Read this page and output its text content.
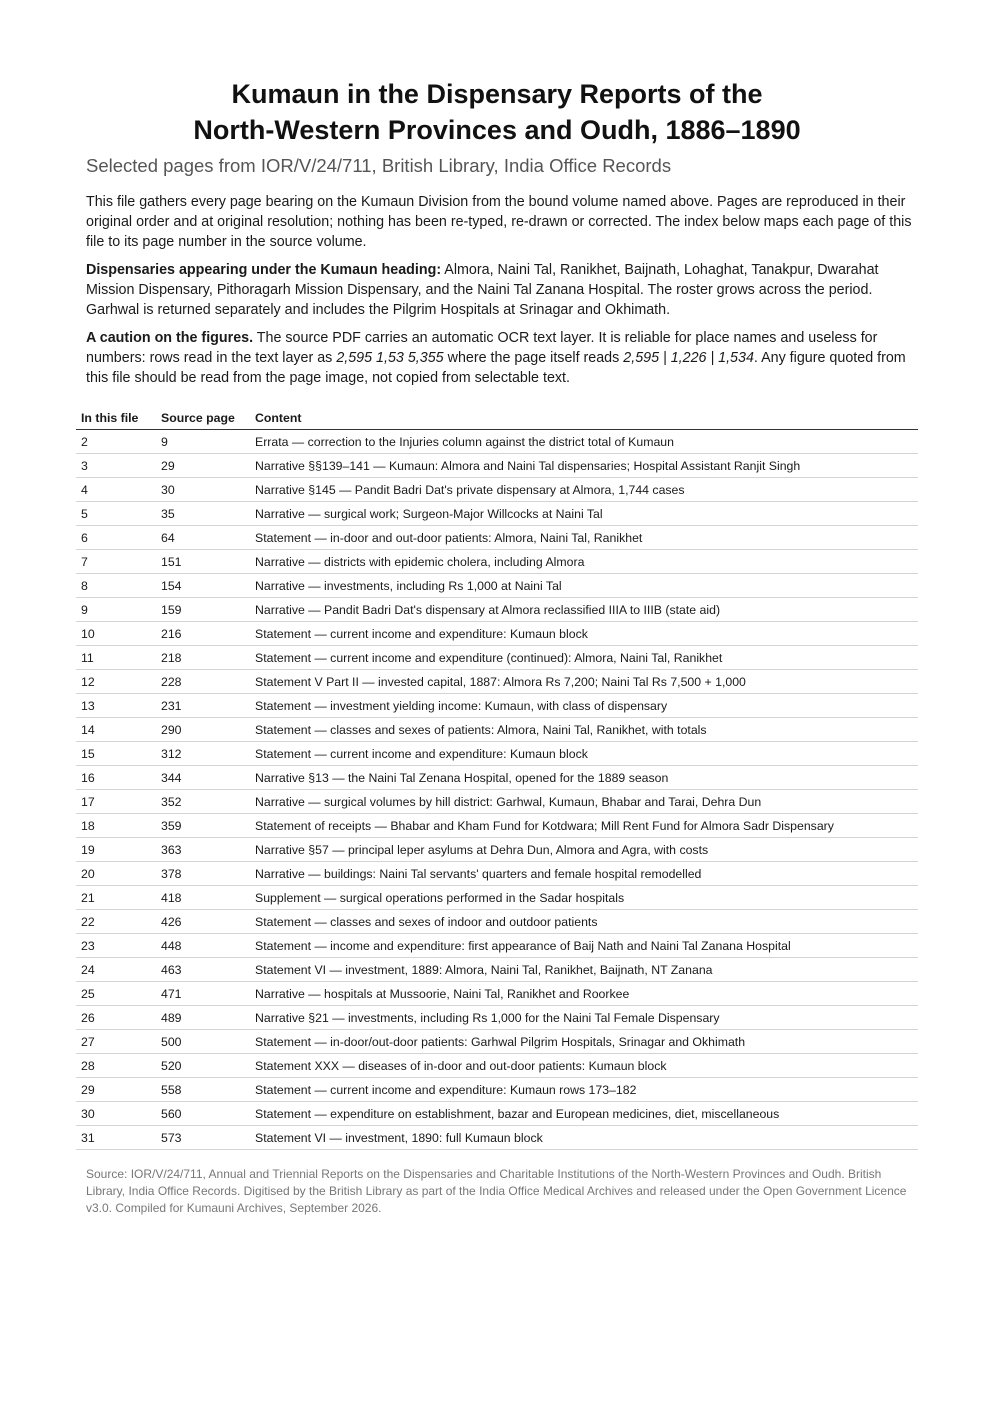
Kumaun in the Dispensary Reports of the
North-Western Provinces and Oudh, 1886–1890
Selected pages from IOR/V/24/711, British Library, India Office Records

This file gathers every page bearing on the Kumaun Division from the bound volume named above. Pages are reproduced in their original order and at original resolution; nothing has been re-typed, re-drawn or corrected. The index below maps each page of this file to its page number in the source volume.

Dispensaries appearing under the Kumaun heading: Almora, Naini Tal, Ranikhet, Baijnath, Lohaghat, Tanakpur, Dwarahat Mission Dispensary, Pithoragarh Mission Dispensary, and the Naini Tal Zanana Hospital. The roster grows across the period. Garhwal is returned separately and includes the Pilgrim Hospitals at Srinagar and Okhimath.

A caution on the figures. The source PDF carries an automatic OCR text layer. It is reliable for place names and useless for numbers: rows read in the text layer as 2,595 1,53 5,355 where the page itself reads 2,595 | 1,226 | 1,534. Any figure quoted from this file should be read from the page image, not copied from selectable text.

In this file	Source page	Content
2	9	Errata — correction to the Injuries column against the district total of Kumaun
3	29	Narrative §§139–141 — Kumaun: Almora and Naini Tal dispensaries; Hospital Assistant Ranjit Singh
4	30	Narrative §145 — Pandit Badri Dat's private dispensary at Almora, 1,744 cases
5	35	Narrative — surgical work; Surgeon-Major Willcocks at Naini Tal
6	64	Statement — in-door and out-door patients: Almora, Naini Tal, Ranikhet
7	151	Narrative — districts with epidemic cholera, including Almora
8	154	Narrative — investments, including Rs 1,000 at Naini Tal
9	159	Narrative — Pandit Badri Dat's dispensary at Almora reclassified IIIA to IIIB (state aid)
10	216	Statement — current income and expenditure: Kumaun block
11	218	Statement — current income and expenditure (continued): Almora, Naini Tal, Ranikhet
12	228	Statement V Part II — invested capital, 1887: Almora Rs 7,200; Naini Tal Rs 7,500 + 1,000
13	231	Statement — investment yielding income: Kumaun, with class of dispensary
14	290	Statement — classes and sexes of patients: Almora, Naini Tal, Ranikhet, with totals
15	312	Statement — current income and expenditure: Kumaun block
16	344	Narrative §13 — the Naini Tal Zenana Hospital, opened for the 1889 season
17	352	Narrative — surgical volumes by hill district: Garhwal, Kumaun, Bhabar and Tarai, Dehra Dun
18	359	Statement of receipts — Bhabar and Kham Fund for Kotdwara; Mill Rent Fund for Almora Sadr Dispensary
19	363	Narrative §57 — principal leper asylums at Dehra Dun, Almora and Agra, with costs
20	378	Narrative — buildings: Naini Tal servants' quarters and female hospital remodelled
21	418	Supplement — surgical operations performed in the Sadar hospitals
22	426	Statement — classes and sexes of indoor and outdoor patients
23	448	Statement — income and expenditure: first appearance of Baij Nath and Naini Tal Zanana Hospital
24	463	Statement VI — investment, 1889: Almora, Naini Tal, Ranikhet, Baijnath, NT Zanana
25	471	Narrative — hospitals at Mussoorie, Naini Tal, Ranikhet and Roorkee
26	489	Narrative §21 — investments, including Rs 1,000 for the Naini Tal Female Dispensary
27	500	Statement — in-door/out-door patients: Garhwal Pilgrim Hospitals, Srinagar and Okhimath
28	520	Statement XXX — diseases of in-door and out-door patients: Kumaun block
29	558	Statement — current income and expenditure: Kumaun rows 173–182
30	560	Statement — expenditure on establishment, bazar and European medicines, diet, miscellaneous
31	573	Statement VI — investment, 1890: full Kumaun block

Source: IOR/V/24/711, Annual and Triennial Reports on the Dispensaries and Charitable Institutions of the North-Western Provinces and Oudh. British Library, India Office Records. Digitised by the British Library as part of the India Office Medical Archives and released under the Open Government Licence v3.0. Compiled for Kumauni Archives, September 2026.
